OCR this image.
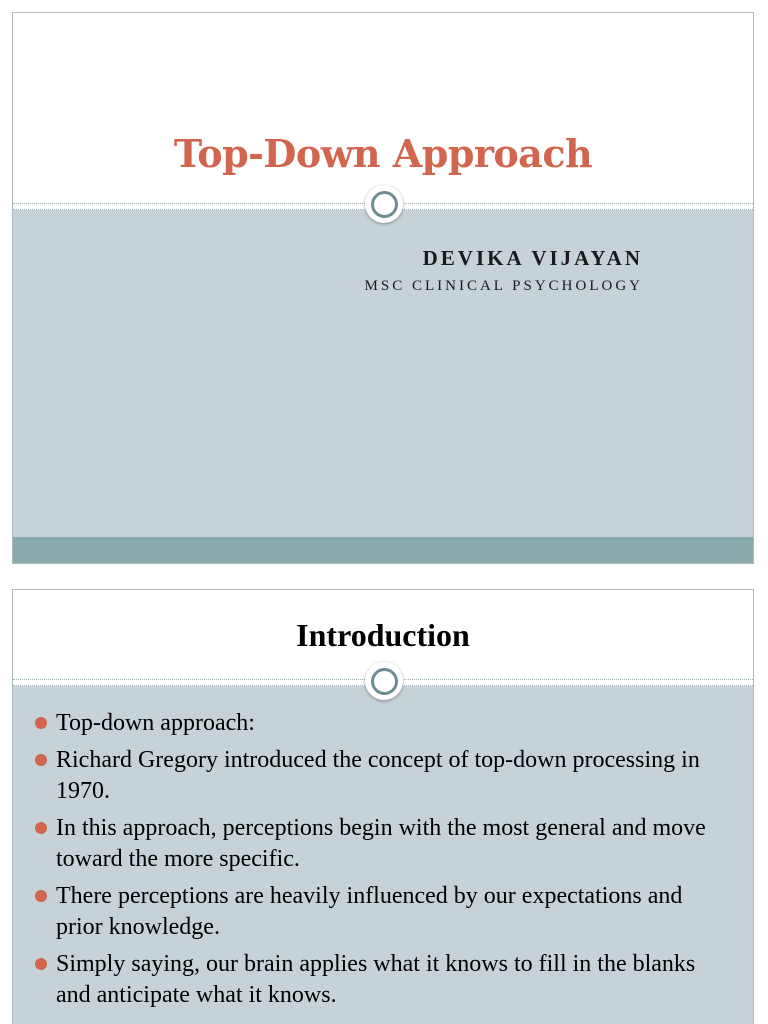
Top-Down Approach
DEVIKA VIJAYAN
MSC CLINICAL PSYCHOLOGY
Introduction
Top-down approach:
Richard Gregory introduced the concept of top-down processing in 1970.
In this approach, perceptions begin with the most general and move toward the more specific.
There perceptions are heavily influenced by our expectations and prior knowledge.
Simply saying, our brain applies what it knows to fill in the blanks and anticipate what it knows.
